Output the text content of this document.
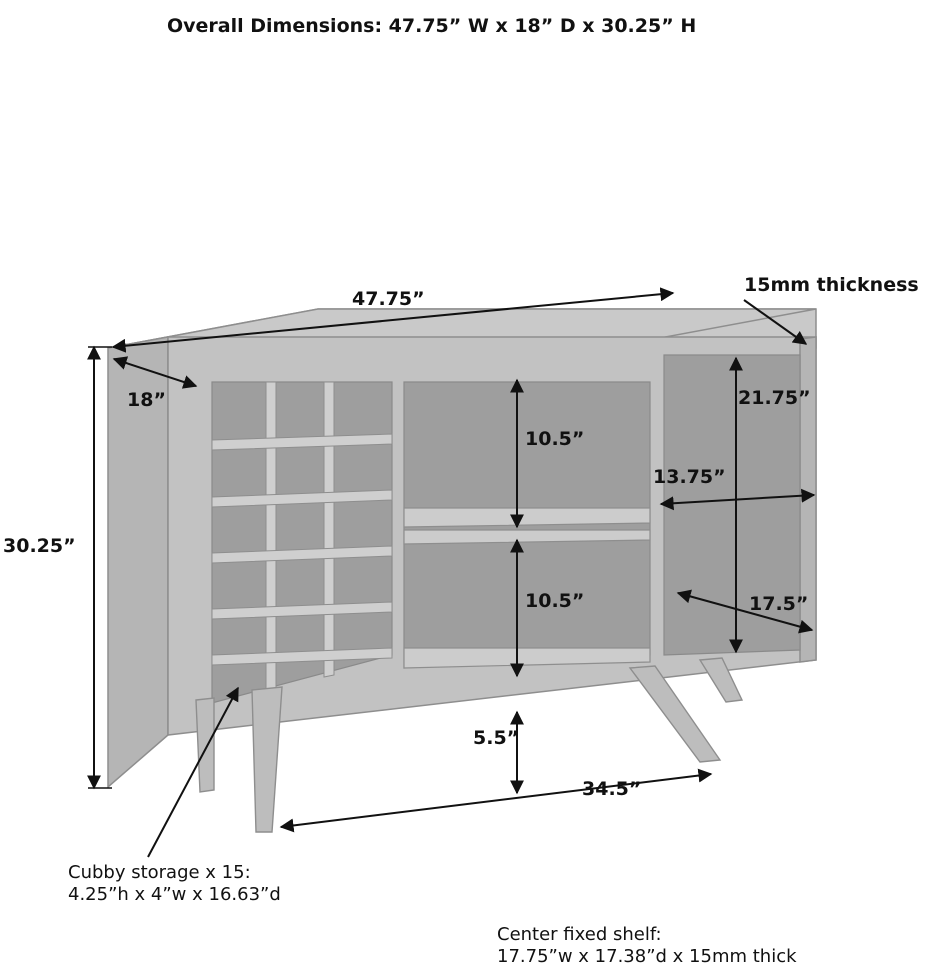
Overall Dimensions: 47.75” W x 18” D x 30.25” H
47.75”
18”
30.25”
15mm thickness
10.5”
10.5”
21.75”
13.75”
17.5”
5.5”
34.5”
Cubby storage x 15:
4.25”h x 4”w x 16.63”d
Center fixed shelf:
17.75”w x 17.38”d x 15mm thick
